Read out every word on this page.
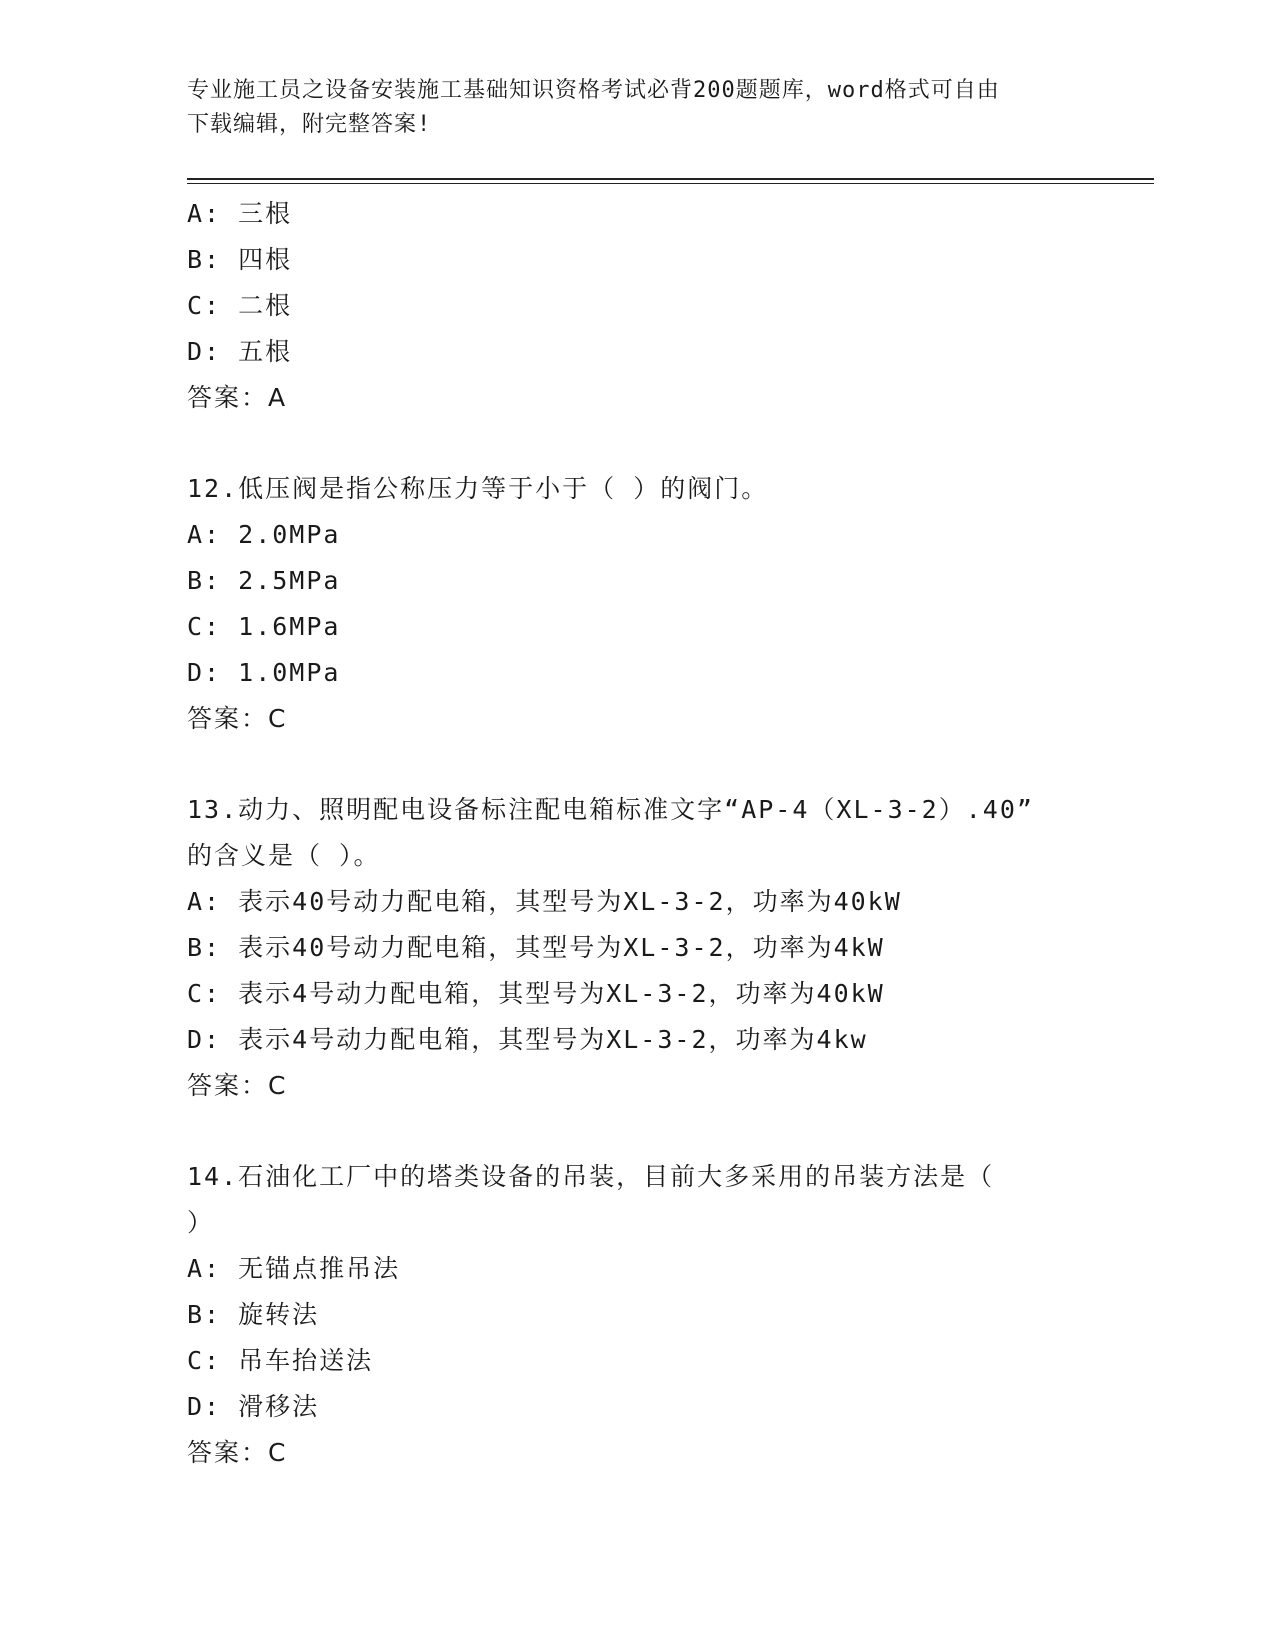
专业施工员之设备安装施工基础知识资格考试必背200题题库，word格式可自由
下载编辑，附完整答案!
A: 三根
B: 四根
C: 二根
D: 五根
答案：A
12.低压阀是指公称压力等于小于（ ）的阀门。
A: 2.0MPa
B: 2.5MPa
C: 1.6MPa
D: 1.0MPa
答案：C
13.动力、照明配电设备标注配电箱标准文字“AP-4（XL-3-2）.40”
的含义是（ ）。
A: 表示40号动力配电箱，其型号为XL-3-2，功率为40kW
B: 表示40号动力配电箱，其型号为XL-3-2，功率为4kW
C: 表示4号动力配电箱，其型号为XL-3-2，功率为40kW
D: 表示4号动力配电箱，其型号为XL-3-2，功率为4kw
答案：C
14.石油化工厂中的塔类设备的吊装，目前大多采用的吊装方法是（
）
A: 无锚点推吊法
B: 旋转法
C: 吊车抬送法
D: 滑移法
答案：C
